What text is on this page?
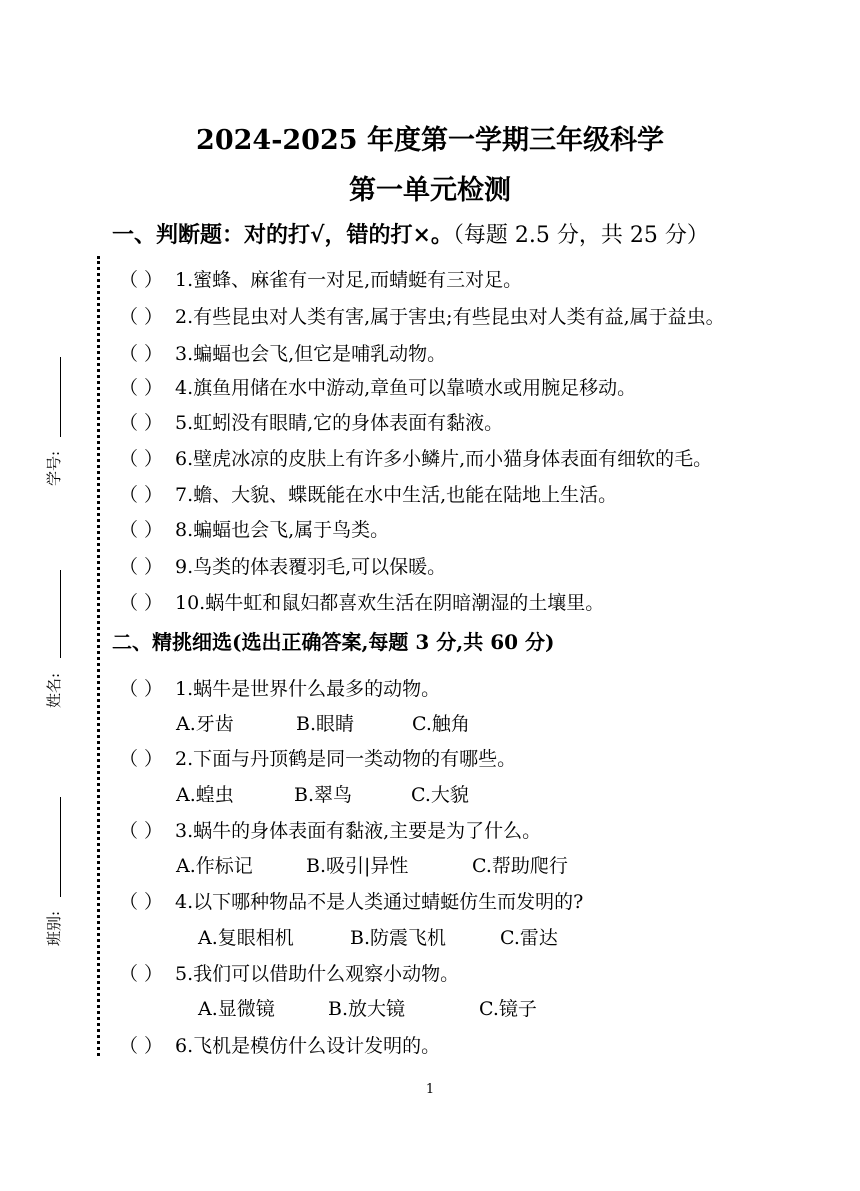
2024-2025 年度第一学期三年级科学
第一单元检测
一、判断题：对的打√，错的打×。（每题 2.5 分，共 25 分）
（ ） 1.蜜蜂、麻雀有一对足,而蜻蜓有三对足。
（ ） 2.有些昆虫对人类有害,属于害虫;有些昆虫对人类有益,属于益虫。
（ ） 3.蝙蝠也会飞,但它是哺乳动物。
（ ） 4.旗鱼用储在水中游动,章鱼可以靠喷水或用腕足移动。
（ ） 5.虹蚓没有眼睛,它的身体表面有黏液。
（ ） 6.壁虎冰凉的皮肤上有许多小鳞片,而小猫身体表面有细软的毛。
（ ） 7.蟾、大貌、蝶既能在水中生活,也能在陆地上生活。
（ ） 8.蝙蝠也会飞,属于鸟类。
（ ） 9.鸟类的体表覆羽毛,可以保暖。
（ ） 10.蜗牛虹和鼠妇都喜欢生活在阴暗潮湿的土壤里。
二、精挑细选(选出正确答案,每题 3 分,共 60 分)
（ ） 1.蜗牛是世界什么最多的动物。
A.牙齿	B.眼睛	C.触角
（ ） 2.下面与丹顶鹤是同一类动物的有哪些。
A.蝗虫	B.翠鸟	C.大貌
（ ） 3.蜗牛的身体表面有黏液,主要是为了什么。
A.作标记	B.吸引|异性	C.帮助爬行
（ ） 4.以下哪种物品不是人类通过蜻蜓仿生而发明的?
A.复眼相机	B.防震飞机	C.雷达
（ ） 5.我们可以借助什么观察小动物。
A.显微镜	B.放大镜	C.镜子
（ ） 6.飞机是模仿什么设计发明的。
学号:
姓名:
班别:
1
